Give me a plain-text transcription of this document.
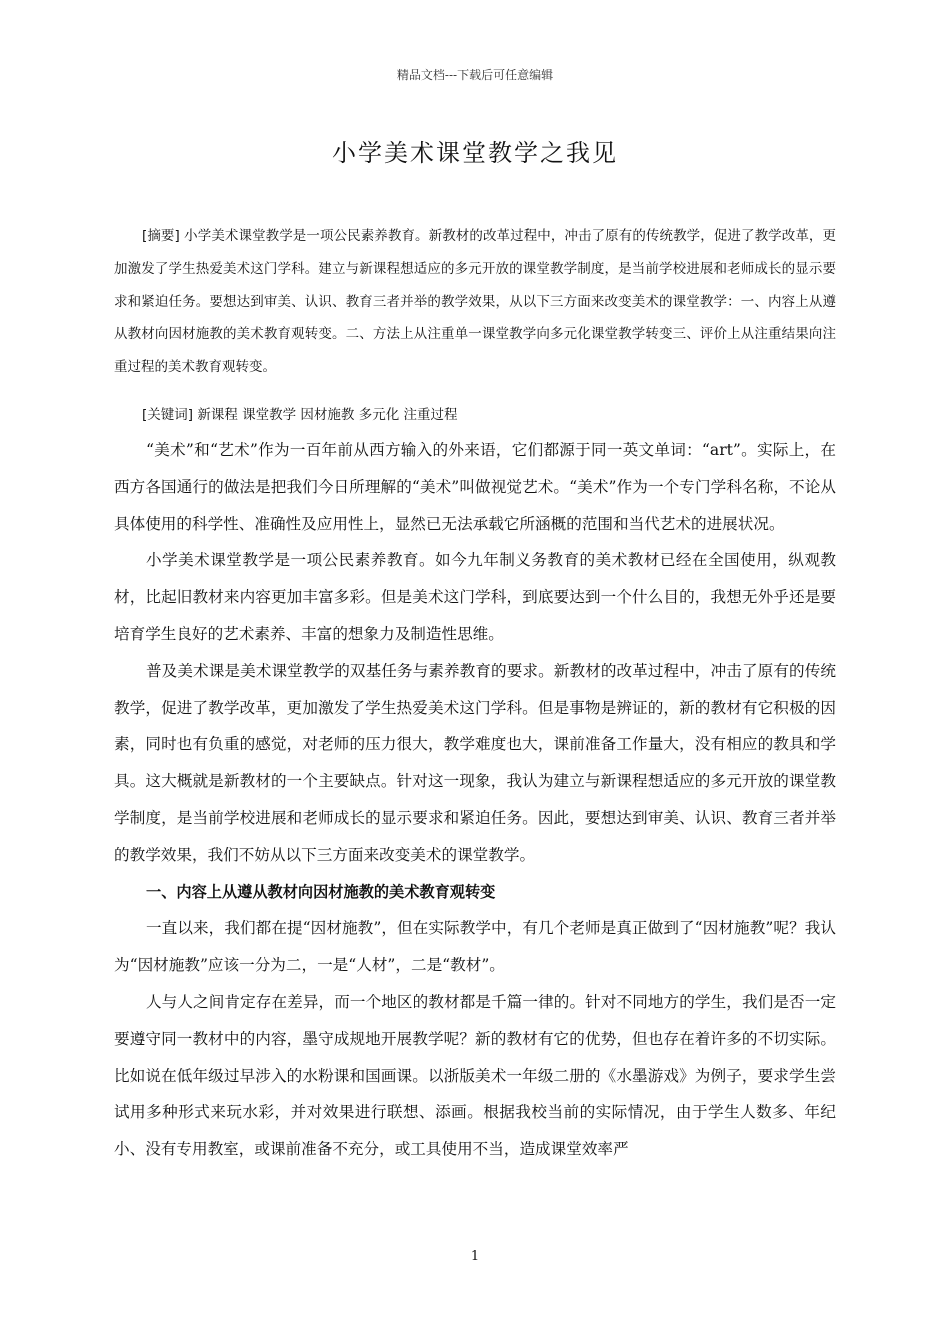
精品文档---下载后可任意编辑
小学美术课堂教学之我见
[摘要] 小学美术课堂教学是一项公民素养教育。新教材的改革过程中，冲击了原有的传统教学，促进了教学改革，更加激发了学生热爱美术这门学科。建立与新课程想适应的多元开放的课堂教学制度，是当前学校进展和老师成长的显示要求和紧迫任务。要想达到审美、认识、教育三者并举的教学效果，从以下三方面来改变美术的课堂教学：一、内容上从遵从教材向因材施教的美术教育观转变。二、方法上从注重单一课堂教学向多元化课堂教学转变三、评价上从注重结果向注重过程的美术教育观转变。
[关键词] 新课程 课堂教学 因材施教 多元化 注重过程

“美术”和“艺术”作为一百年前从西方输入的外来语，它们都源于同一英文单词：“art”。实际上，在西方各国通行的做法是把我们今日所理解的“美术”叫做视觉艺术。“美术”作为一个专门学科名称，不论从具体使用的科学性、准确性及应用性上，显然已无法承载它所涵概的范围和当代艺术的进展状况。

小学美术课堂教学是一项公民素养教育。如今九年制义务教育的美术教材已经在全国使用，纵观教材，比起旧教材来内容更加丰富多彩。但是美术这门学科，到底要达到一个什么目的，我想无外乎还是要培育学生良好的艺术素养、丰富的想象力及制造性思维。

普及美术课是美术课堂教学的双基任务与素养教育的要求。新教材的改革过程中，冲击了原有的传统教学，促进了教学改革，更加激发了学生热爱美术这门学科。但是事物是辨证的，新的教材有它积极的因素，同时也有负重的感觉，对老师的压力很大，教学难度也大，课前准备工作量大，没有相应的教具和学具。这大概就是新教材的一个主要缺点。针对这一现象，我认为建立与新课程想适应的多元开放的课堂教学制度，是当前学校进展和老师成长的显示要求和紧迫任务。因此，要想达到审美、认识、教育三者并举的教学效果，我们不妨从以下三方面来改变美术的课堂教学。

一、内容上从遵从教材向因材施教的美术教育观转变

一直以来，我们都在提“因材施教”，但在实际教学中，有几个老师是真正做到了“因材施教”呢？我认为“因材施教”应该一分为二，一是“人材”，二是“教材”。

人与人之间肯定存在差异，而一个地区的教材都是千篇一律的。针对不同地方的学生，我们是否一定要遵守同一教材中的内容，墨守成规地开展教学呢？新的教材有它的优势，但也存在着许多的不切实际。比如说在低年级过早涉入的水粉课和国画课。以浙版美术一年级二册的《水墨游戏》为例子，要求学生尝试用多种形式来玩水彩，并对效果进行联想、添画。根据我校当前的实际情况，由于学生人数多、年纪小、没有专用教室，或课前准备不充分，或工具使用不当，造成课堂效率严

1
